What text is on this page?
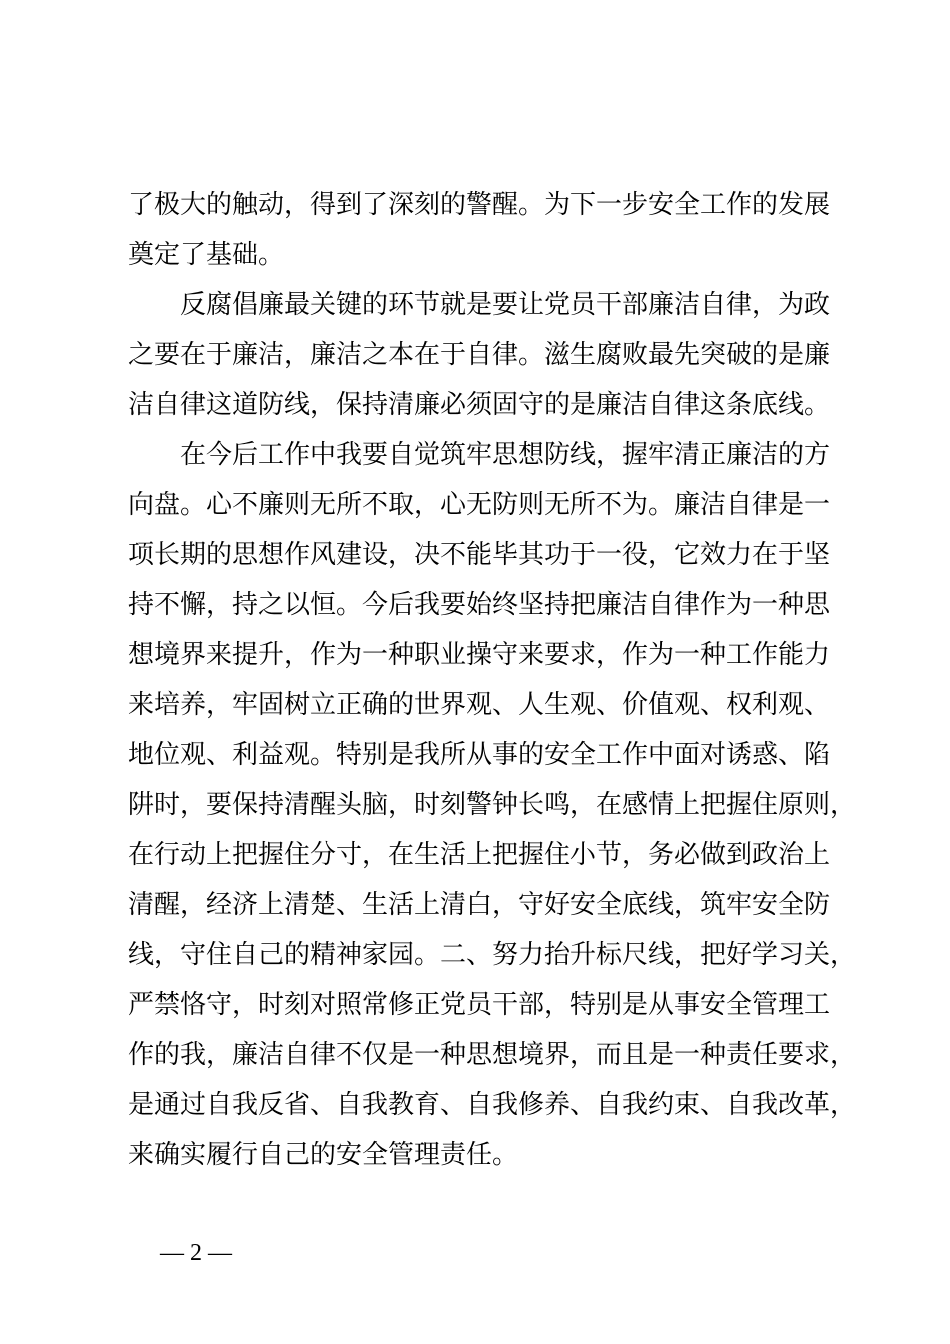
了极大的触动，得到了深刻的警醒。为下一步安全工作的发展
奠定了基础。
反腐倡廉最关键的环节就是要让党员干部廉洁自律，为政
之要在于廉洁，廉洁之本在于自律。滋生腐败最先突破的是廉
洁自律这道防线，保持清廉必须固守的是廉洁自律这条底线。
在今后工作中我要自觉筑牢思想防线，握牢清正廉洁的方
向盘。心不廉则无所不取，心无防则无所不为。廉洁自律是一
项长期的思想作风建设，决不能毕其功于一役，它效力在于坚
持不懈，持之以恒。今后我要始终坚持把廉洁自律作为一种思
想境界来提升，作为一种职业操守来要求，作为一种工作能力
来培养，牢固树立正确的世界观、人生观、价值观、权利观、
地位观、利益观。特别是我所从事的安全工作中面对诱惑、陷
阱时，要保持清醒头脑，时刻警钟长鸣，在感情上把握住原则，
在行动上把握住分寸，在生活上把握住小节，务必做到政治上
清醒，经济上清楚、生活上清白，守好安全底线，筑牢安全防
线，守住自己的精神家园。二、努力抬升标尺线，把好学习关，
严禁恪守，时刻对照常修正党员干部，特别是从事安全管理工
作的我，廉洁自律不仅是一种思想境界，而且是一种责任要求，
是通过自我反省、自我教育、自我修养、自我约束、自我改革，
来确实履行自己的安全管理责任。
— 2 —
